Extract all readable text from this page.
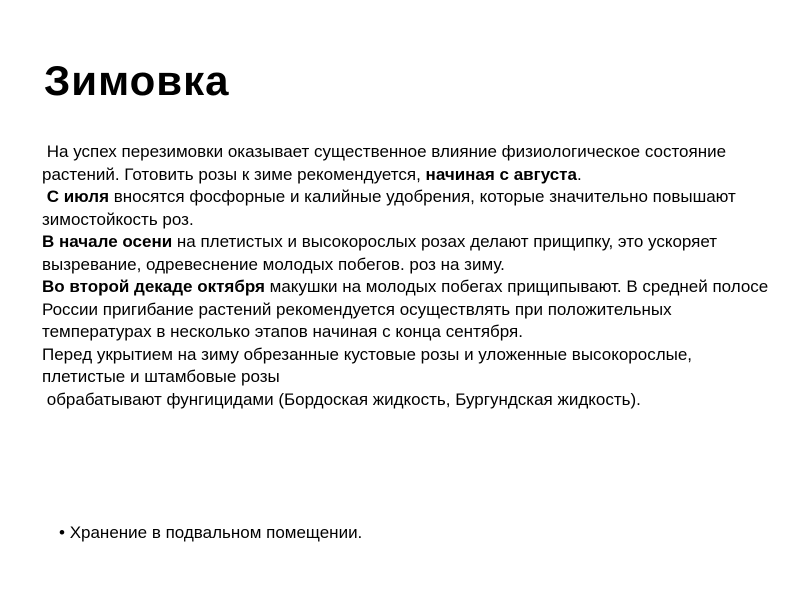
Зимовка

На успех перезимовки оказывает существенное влияние физиологическое состояние растений. Готовить розы к зиме рекомендуется, начиная с августа.

С июля вносятся фосфорные и калийные удобрения, которые значительно повышают зимостойкость роз.

В начале осени на плетистых и высокорослых розах делают прищипку, это ускоряет вызревание, одревеснение молодых побегов. роз на зиму.

Во второй декаде октября макушки на молодых побегах прищипывают. В средней полосе России пригибание растений рекомендуется осуществлять при положительных температурах в несколько этапов начиная с конца сентября.

Перед укрытием на зиму обрезанные кустовые розы и уложенные высокорослые, плетистые и штамбовые розы

обрабатывают фунгицидами (Бордоская жидкость, Бургундская жидкость).

• Хранение в подвальном помещении.
